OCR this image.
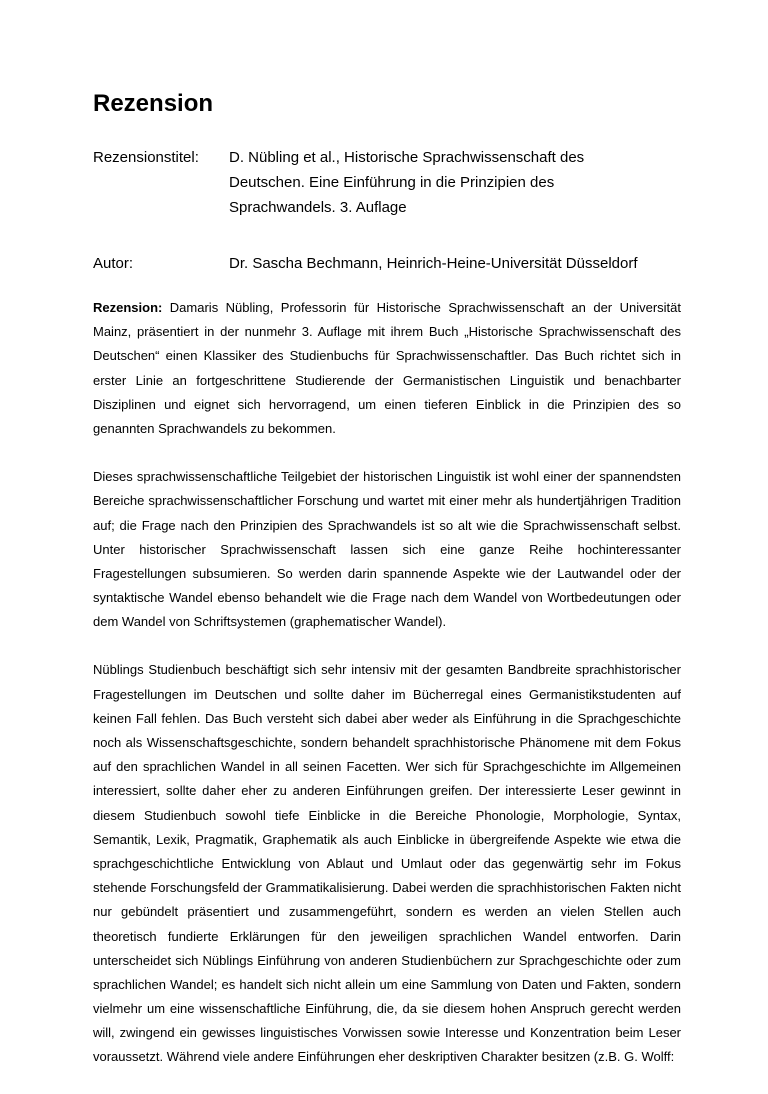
Rezension
Rezensionstitel: D. Nübling et al., Historische Sprachwissenschaft des
Deutschen. Eine Einführung in die Prinzipien des
Sprachwandels. 3. Auflage
Autor:	Dr. Sascha Bechmann, Heinrich-Heine-Universität Düsseldorf

Rezension: Damaris Nübling, Professorin für Historische Sprachwissenschaft an der Universität
Mainz, präsentiert in der nunmehr 3. Auflage mit ihrem Buch „Historische Sprachwissenschaft des
Deutschen“ einen Klassiker des Studienbuchs für Sprachwissenschaftler. Das Buch richtet sich in
erster Linie an fortgeschrittene Studierende der Germanistischen Linguistik und benachbarter
Disziplinen und eignet sich hervorragend, um einen tieferen Einblick in die Prinzipien des so
genannten Sprachwandels zu bekommen.

Dieses sprachwissenschaftliche Teilgebiet der historischen Linguistik ist wohl einer der spannendsten
Bereiche sprachwissenschaftlicher Forschung und wartet mit einer mehr als hundertjährigen Tradition
auf; die Frage nach den Prinzipien des Sprachwandels ist so alt wie die Sprachwissenschaft selbst.
Unter historischer Sprachwissenschaft lassen sich eine ganze Reihe hochinteressanter
Fragestellungen subsumieren. So werden darin spannende Aspekte wie der Lautwandel oder der
syntaktische Wandel ebenso behandelt wie die Frage nach dem Wandel von Wortbedeutungen oder
dem Wandel von Schriftsystemen (graphematischer Wandel).

Nüblings Studienbuch beschäftigt sich sehr intensiv mit der gesamten Bandbreite sprachhistorischer
Fragestellungen im Deutschen und sollte daher im Bücherregal eines Germanistikstudenten auf
keinen Fall fehlen. Das Buch versteht sich dabei aber weder als Einführung in die Sprachgeschichte
noch als Wissenschaftsgeschichte, sondern behandelt sprachhistorische Phänomene mit dem Fokus
auf den sprachlichen Wandel in all seinen Facetten. Wer sich für Sprachgeschichte im Allgemeinen
interessiert, sollte daher eher zu anderen Einführungen greifen. Der interessierte Leser gewinnt in
diesem Studienbuch sowohl tiefe Einblicke in die Bereiche Phonologie, Morphologie, Syntax,
Semantik, Lexik, Pragmatik, Graphematik als auch Einblicke in übergreifende Aspekte wie etwa die
sprachgeschichtliche Entwicklung von Ablaut und Umlaut oder das gegenwärtig sehr im Fokus
stehende Forschungsfeld der Grammatikalisierung. Dabei werden die sprachhistorischen Fakten nicht
nur gebündelt präsentiert und zusammengeführt, sondern es werden an vielen Stellen auch
theoretisch fundierte Erklärungen für den jeweiligen sprachlichen Wandel entworfen. Darin
unterscheidet sich Nüblings Einführung von anderen Studienbüchern zur Sprachgeschichte oder zum
sprachlichen Wandel; es handelt sich nicht allein um eine Sammlung von Daten und Fakten, sondern
vielmehr um eine wissenschaftliche Einführung, die, da sie diesem hohen Anspruch gerecht werden
will, zwingend ein gewisses linguistisches Vorwissen sowie Interesse und Konzentration beim Leser
voraussetzt. Während viele andere Einführungen eher deskriptiven Charakter besitzen (z.B. G. Wolff:
